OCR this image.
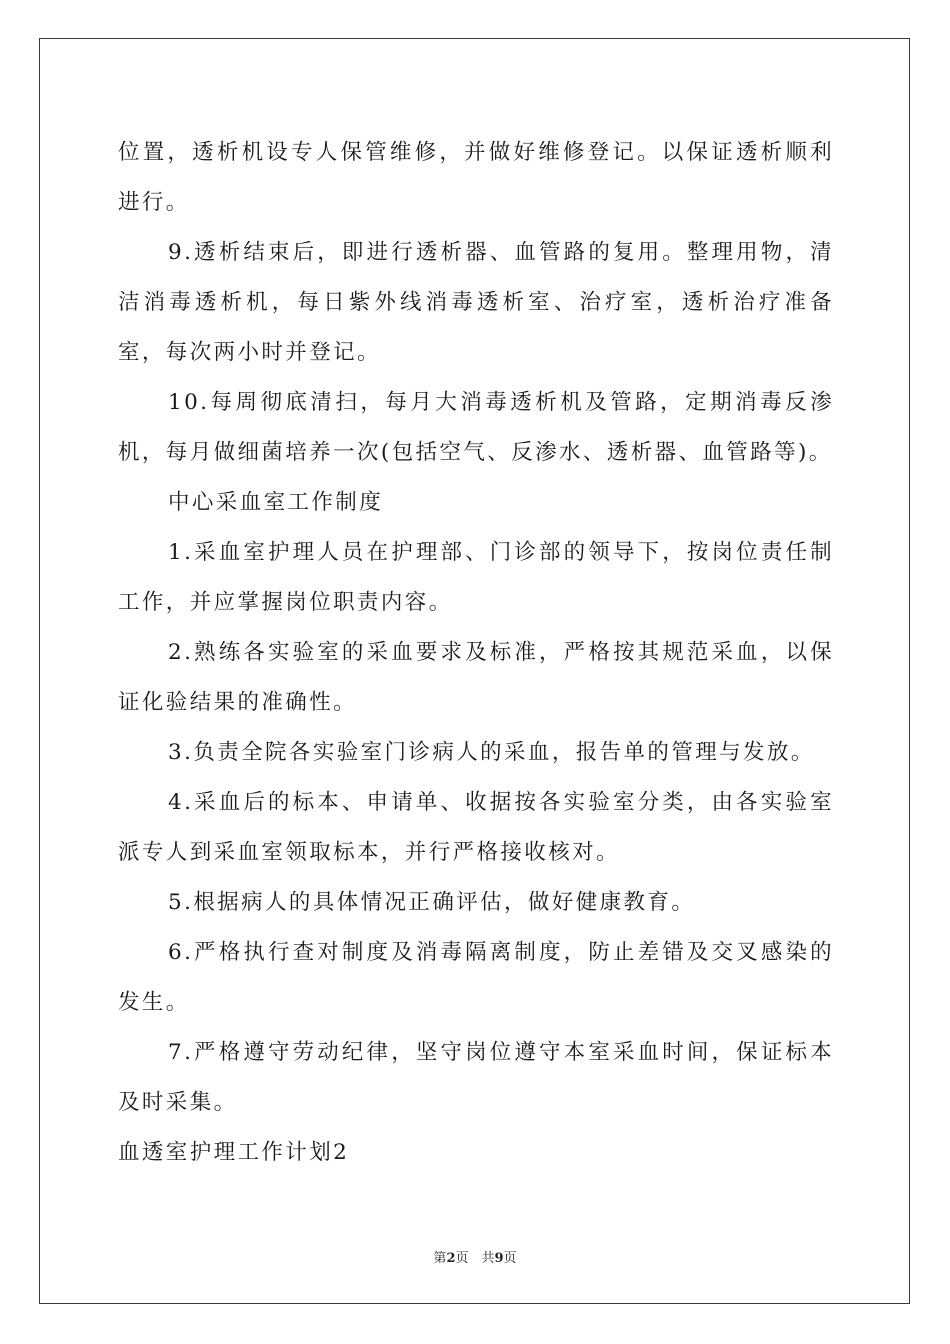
位置，透析机设专人保管维修，并做好维修登记。以保证透析顺利进行。

9.透析结束后，即进行透析器、血管路的复用。整理用物，清洁消毒透析机，每日紫外线消毒透析室、治疗室，透析治疗准备室，每次两小时并登记。

10.每周彻底清扫，每月大消毒透析机及管路，定期消毒反渗机，每月做细菌培养一次(包括空气、反渗水、透析器、血管路等)。

中心采血室工作制度

1.采血室护理人员在护理部、门诊部的领导下，按岗位责任制工作，并应掌握岗位职责内容。

2.熟练各实验室的采血要求及标准，严格按其规范采血，以保证化验结果的准确性。

3.负责全院各实验室门诊病人的采血，报告单的管理与发放。

4.采血后的标本、申请单、收据按各实验室分类，由各实验室派专人到采血室领取标本，并行严格接收核对。

5.根据病人的具体情况正确评估，做好健康教育。

6.严格执行查对制度及消毒隔离制度，防止差错及交叉感染的发生。

7.严格遵守劳动纪律，坚守岗位遵守本室采血时间，保证标本及时采集。

血透室护理工作计划2

第2页　共9页
